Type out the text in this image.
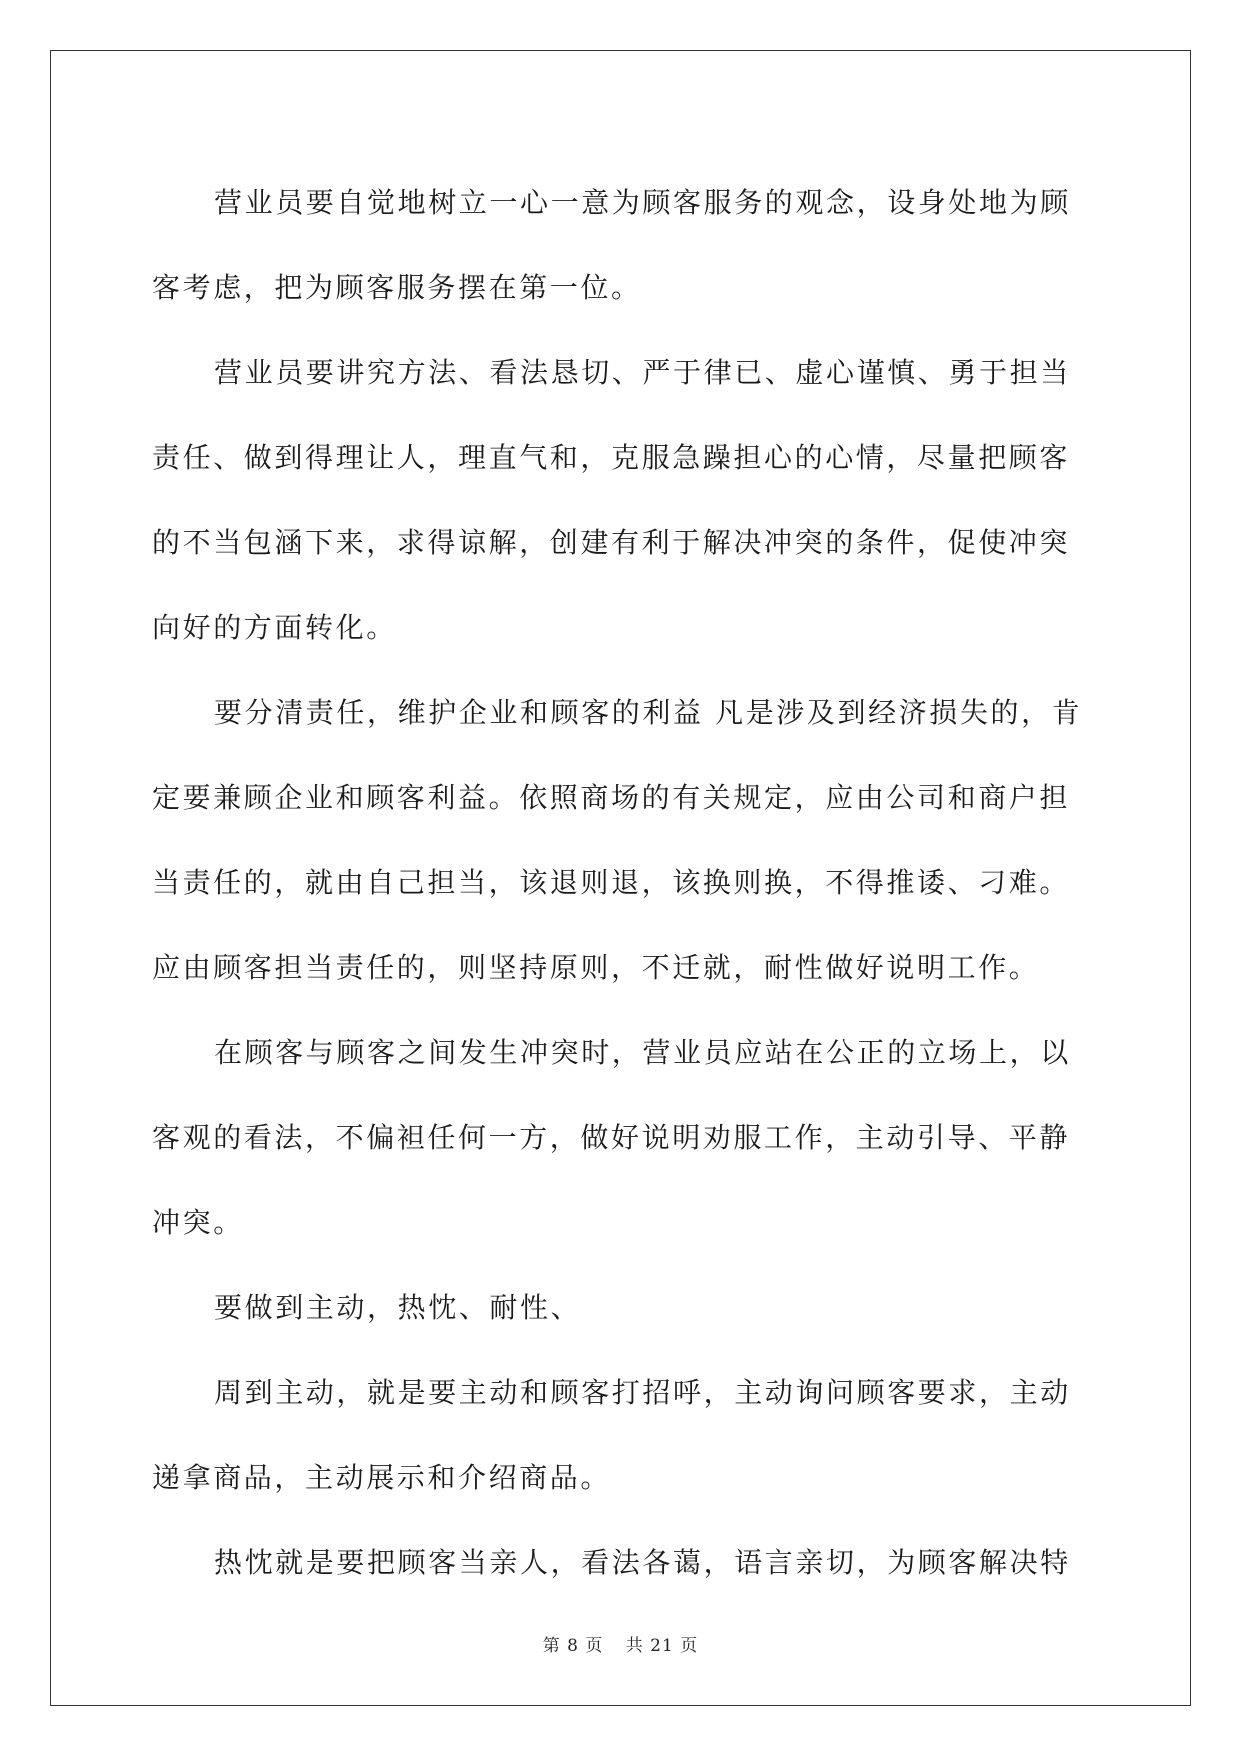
营业员要自觉地树立一心一意为顾客服务的观念，设身处地为顾
客考虑，把为顾客服务摆在第一位。
营业员要讲究方法、看法恳切、严于律已、虚心谨慎、勇于担当
责任、做到得理让人，理直气和，克服急躁担心的心情，尽量把顾客
的不当包涵下来，求得谅解，创建有利于解决冲突的条件，促使冲突
向好的方面转化。
要分清责任，维护企业和顾客的利益 凡是涉及到经济损失的，肯
定要兼顾企业和顾客利益。依照商场的有关规定，应由公司和商户担
当责任的，就由自己担当，该退则退，该换则换，不得推诿、刁难。
应由顾客担当责任的，则坚持原则，不迁就，耐性做好说明工作。
在顾客与顾客之间发生冲突时，营业员应站在公正的立场上，以
客观的看法，不偏袒任何一方，做好说明劝服工作，主动引导、平静
冲突。
要做到主动，热忱、耐性、
周到主动，就是要主动和顾客打招呼，主动询问顾客要求，主动
递拿商品，主动展示和介绍商品。
热忱就是要把顾客当亲人，看法各蔼，语言亲切，为顾客解决特
第 8 页 共 21 页
